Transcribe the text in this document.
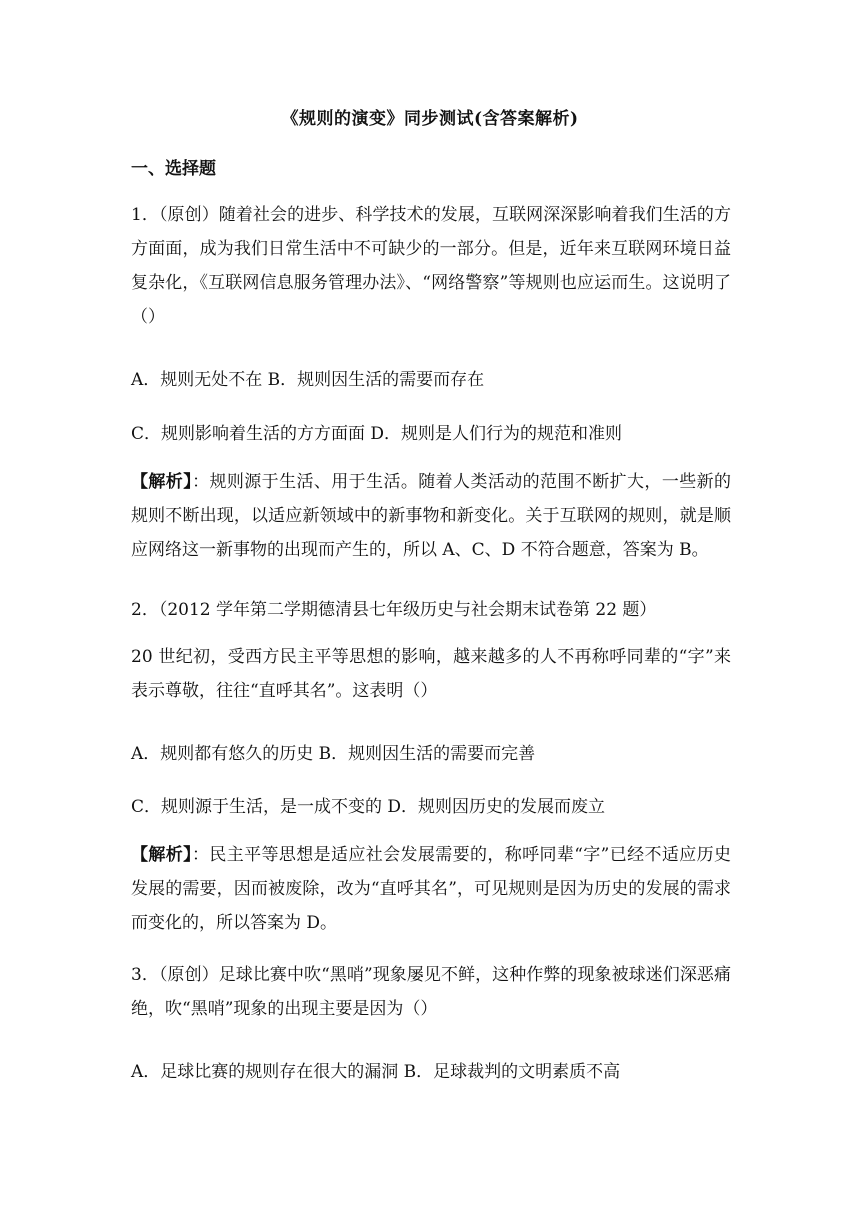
《规则的演变》同步测试(含答案解析)
一、选择题
1．（原创）随着社会的进步、科学技术的发展，互联网深深影响着我们生活的方方面面，成为我们日常生活中不可缺少的一部分。但是，近年来互联网环境日益复杂化，《互联网信息服务管理办法》、“网络警察”等规则也应运而生。这说明了（）
A．规则无处不在 B．规则因生活的需要而存在
C．规则影响着生活的方方面面 D．规则是人们行为的规范和准则
【解析】：规则源于生活、用于生活。随着人类活动的范围不断扩大，一些新的规则不断出现，以适应新领域中的新事物和新变化。关于互联网的规则，就是顺应网络这一新事物的出现而产生的，所以 A、C、D 不符合题意，答案为 B。
2．（2012 学年第二学期德清县七年级历史与社会期末试卷第 22 题）
20 世纪初，受西方民主平等思想的影响，越来越多的人不再称呼同辈的“字”来表示尊敬，往往“直呼其名”。这表明（）
A．规则都有悠久的历史 B．规则因生活的需要而完善
C．规则源于生活，是一成不变的 D．规则因历史的发展而废立
【解析】：民主平等思想是适应社会发展需要的，称呼同辈“字”已经不适应历史发展的需要，因而被废除，改为“直呼其名”，可见规则是因为历史的发展的需求而变化的，所以答案为 D。
3．（原创）足球比赛中吹“黑哨”现象屡见不鲜，这种作弊的现象被球迷们深恶痛绝，吹“黑哨”现象的出现主要是因为（）
A．足球比赛的规则存在很大的漏洞 B．足球裁判的文明素质不高
